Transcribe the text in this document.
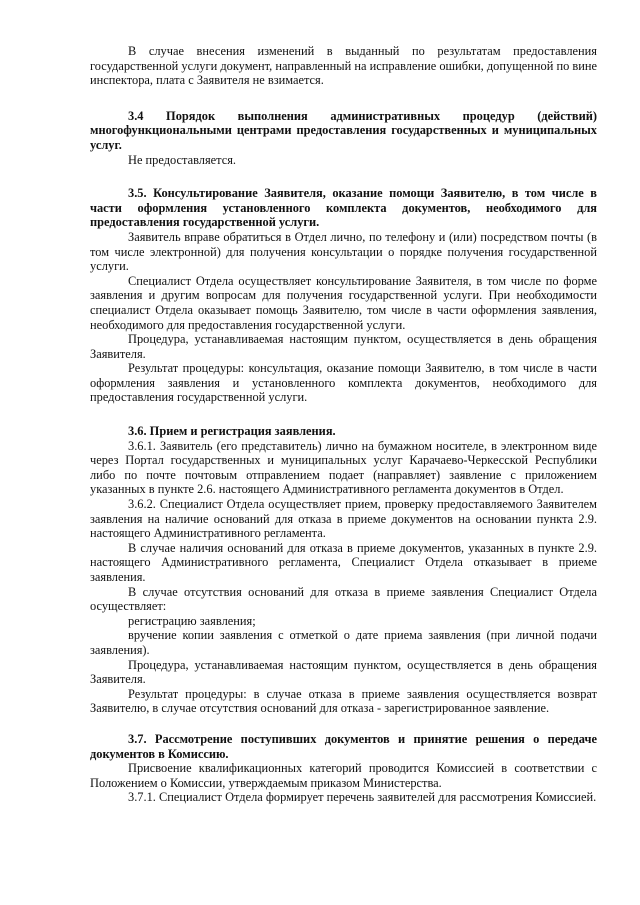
В случае внесения изменений в выданный по результатам предоставления государственной услуги документ, направленный на исправление ошибки, допущенной по вине инспектора, плата с Заявителя не взимается.

3.4 Порядок выполнения административных процедур (действий) многофункциональными центрами предоставления государственных и муниципальных услуг.

Не предоставляется.

3.5. Консультирование Заявителя, оказание помощи Заявителю, в том числе в части оформления установленного комплекта документов, необходимого для предоставления государственной услуги.

Заявитель вправе обратиться в Отдел лично, по телефону и (или) посредством почты (в том числе электронной) для получения консультации о порядке получения государственной услуги.

Специалист Отдела осуществляет консультирование Заявителя, в том числе по форме заявления и другим вопросам для получения государственной услуги. При необходимости специалист Отдела оказывает помощь Заявителю, том числе в части оформления заявления, необходимого для предоставления государственной услуги.

Процедура, устанавливаемая настоящим пунктом, осуществляется в день обращения Заявителя.

Результат процедуры: консультация, оказание помощи Заявителю, в том числе в части оформления заявления и установленного комплекта документов, необходимого для предоставления государственной услуги.

3.6. Прием и регистрация заявления.

3.6.1. Заявитель (его представитель) лично на бумажном носителе, в электронном виде через Портал государственных и муниципальных услуг Карачаево-Черкесской Республики либо по почте почтовым отправлением подает (направляет) заявление с приложением указанных в пункте 2.6. настоящего Административного регламента документов в Отдел.

3.6.2. Специалист Отдела осуществляет прием, проверку предоставляемого Заявителем заявления на наличие оснований для отказа в приеме документов на основании пункта 2.9. настоящего Административного регламента.

В случае наличия оснований для отказа в приеме документов, указанных в пункте 2.9. настоящего Административного регламента, Специалист Отдела отказывает в приеме заявления.

В случае отсутствия оснований для отказа в приеме заявления Специалист Отдела осуществляет:

регистрацию заявления;

вручение копии заявления с отметкой о дате приема заявления (при личной подачи заявления).

Процедура, устанавливаемая настоящим пунктом, осуществляется в день обращения Заявителя.

Результат процедуры: в случае отказа в приеме заявления осуществляется возврат Заявителю, в случае отсутствия оснований для отказа - зарегистрированное заявление.

3.7. Рассмотрение поступивших документов и принятие решения о передаче документов в Комиссию.

Присвоение квалификационных категорий проводится Комиссией в соответствии с Положением о Комиссии, утверждаемым приказом Министерства.

3.7.1. Специалист Отдела формирует перечень заявителей для рассмотрения Комиссией.
